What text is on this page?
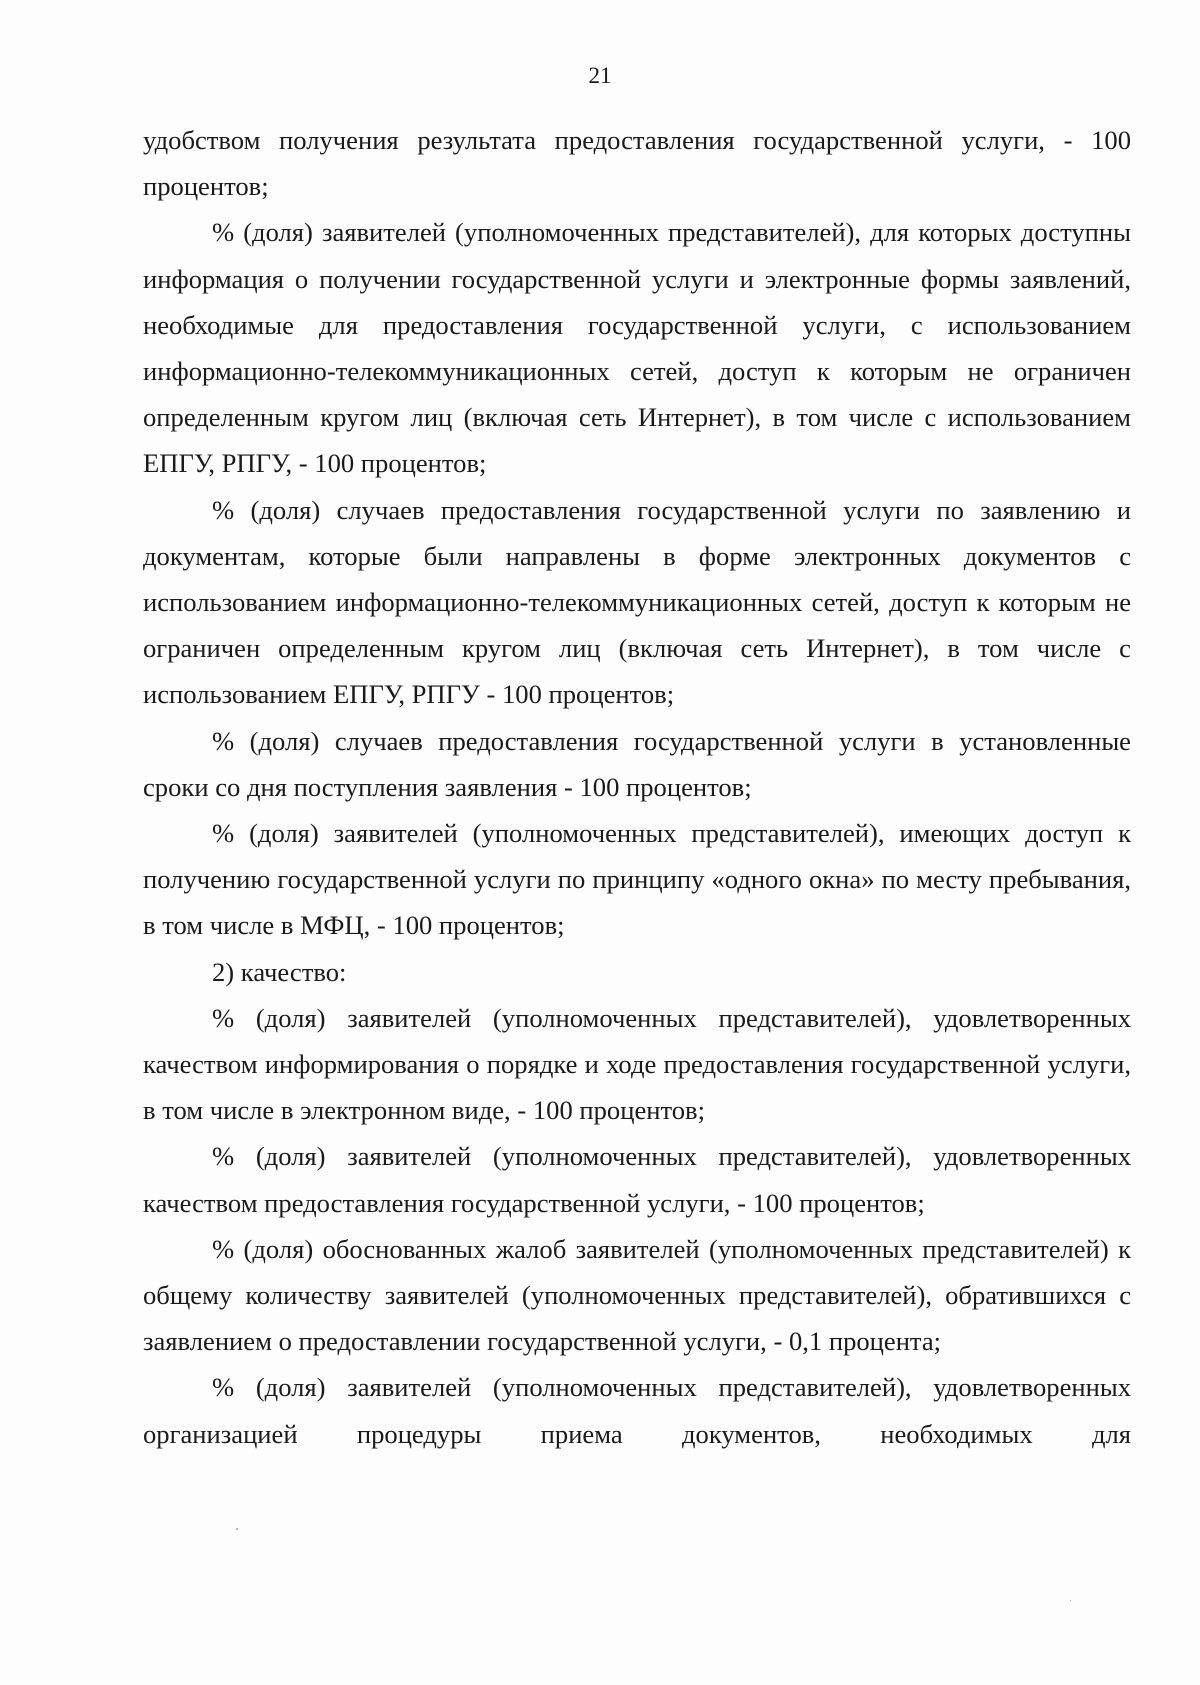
21

удобством получения результата предоставления государственной услуги, - 100 процентов;

% (доля) заявителей (уполномоченных представителей), для которых доступны информация о получении государственной услуги и электронные формы заявлений, необходимые для предоставления государственной услуги, с использованием информационно-телекоммуникационных сетей, доступ к которым не ограничен определенным кругом лиц (включая сеть Интернет), в том числе с использованием ЕПГУ, РПГУ, - 100 процентов;

% (доля) случаев предоставления государственной услуги по заявлению и документам, которые были направлены в форме электронных документов с использованием информационно-телекоммуникационных сетей, доступ к которым не ограничен определенным кругом лиц (включая сеть Интернет), в том числе с использованием ЕПГУ, РПГУ - 100 процентов;

% (доля) случаев предоставления государственной услуги в установленные сроки со дня поступления заявления - 100 процентов;

% (доля) заявителей (уполномоченных представителей), имеющих доступ к получению государственной услуги по принципу «одного окна» по месту пребывания, в том числе в МФЦ, - 100 процентов;

2) качество:

% (доля) заявителей (уполномоченных представителей), удовлетворенных качеством информирования о порядке и ходе предоставления государственной услуги, в том числе в электронном виде, - 100 процентов;

% (доля) заявителей (уполномоченных представителей), удовлетворенных качеством предоставления государственной услуги, - 100 процентов;

% (доля) обоснованных жалоб заявителей (уполномоченных представителей) к общему количеству заявителей (уполномоченных представителей), обратившихся с заявлением о предоставлении государственной услуги, - 0,1 процента;

% (доля) заявителей (уполномоченных представителей), удовлетворенных организацией процедуры приема документов, необходимых для
